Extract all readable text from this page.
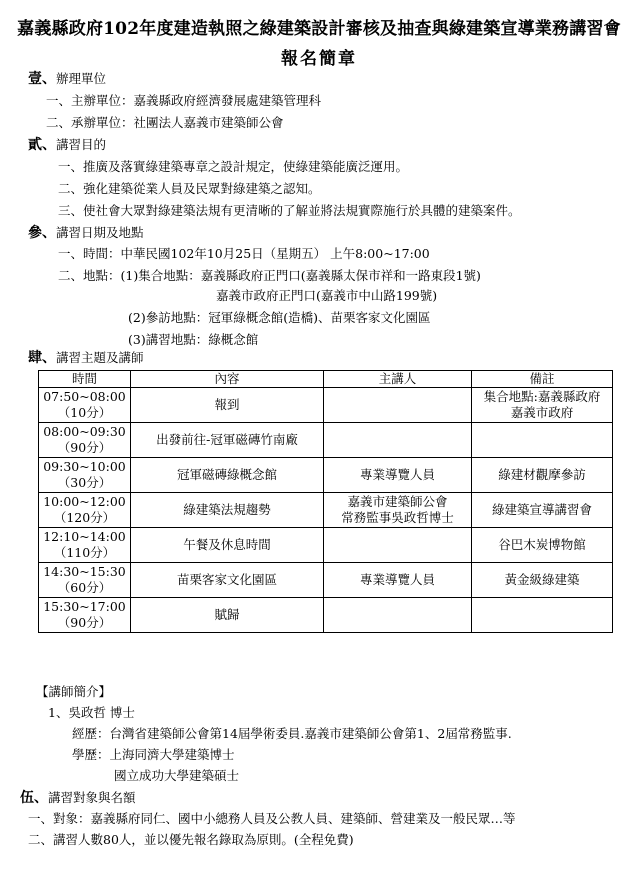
嘉義縣政府102年度建造執照之綠建築設計審核及抽查與綠建築宣導業務講習會
報名簡章
壹、辦理單位
一、主辦單位：嘉義縣政府經濟發展處建築管理科
二、承辦單位：社團法人嘉義市建築師公會
貳、講習目的
一、推廣及落實綠建築專章之設計規定，使綠建築能廣泛運用。
二、強化建築從業人員及民眾對綠建築之認知。
三、使社會大眾對綠建築法規有更清晰的了解並將法規實際施行於具體的建築案件。
參、講習日期及地點
一、時間：中華民國102年10月25日（星期五） 上午8:00~17:00
二、地點：(1)集合地點：嘉義縣政府正門口(嘉義縣太保市祥和一路東段1號)
嘉義市政府正門口(嘉義市中山路199號)
(2)參訪地點：冠軍綠概念館(造橋)、苗栗客家文化園區
(3)講習地點：綠概念館
肆、講習主題及講師
時間	內容	主講人	備註

07:50~08:00
（10分）	報到		集合地點:嘉義縣政府
嘉義市政府

08:00~09:30
（90分）	出發前往-冠軍磁磚竹南廠		

09:30~10:00
（30分）	冠軍磁磚綠概念館	專業導覽人員	綠建材觀摩參訪

10:00~12:00
（120分）	綠建築法規趨勢	嘉義市建築師公會
常務監事吳政哲博士	綠建築宣導講習會

12:10~14:00
（110分）	午餐及休息時間		谷巴木炭博物館

14:30~15:30
（60分）	苗栗客家文化園區	專業導覽人員	黃金級綠建築

15:30~17:00
（90分）	賦歸		

【講師簡介】
1、吳政哲 博士
經歷：台灣省建築師公會第14屆學術委員.嘉義市建築師公會第1、2屆常務監事.
學歷：上海同濟大學建築博士
國立成功大學建築碩士
伍、講習對象與名額
一、對象：嘉義縣府同仁、國中小總務人員及公教人員、建築師、營建業及一般民眾…等
二、講習人數80人，並以優先報名錄取為原則。(全程免費)
